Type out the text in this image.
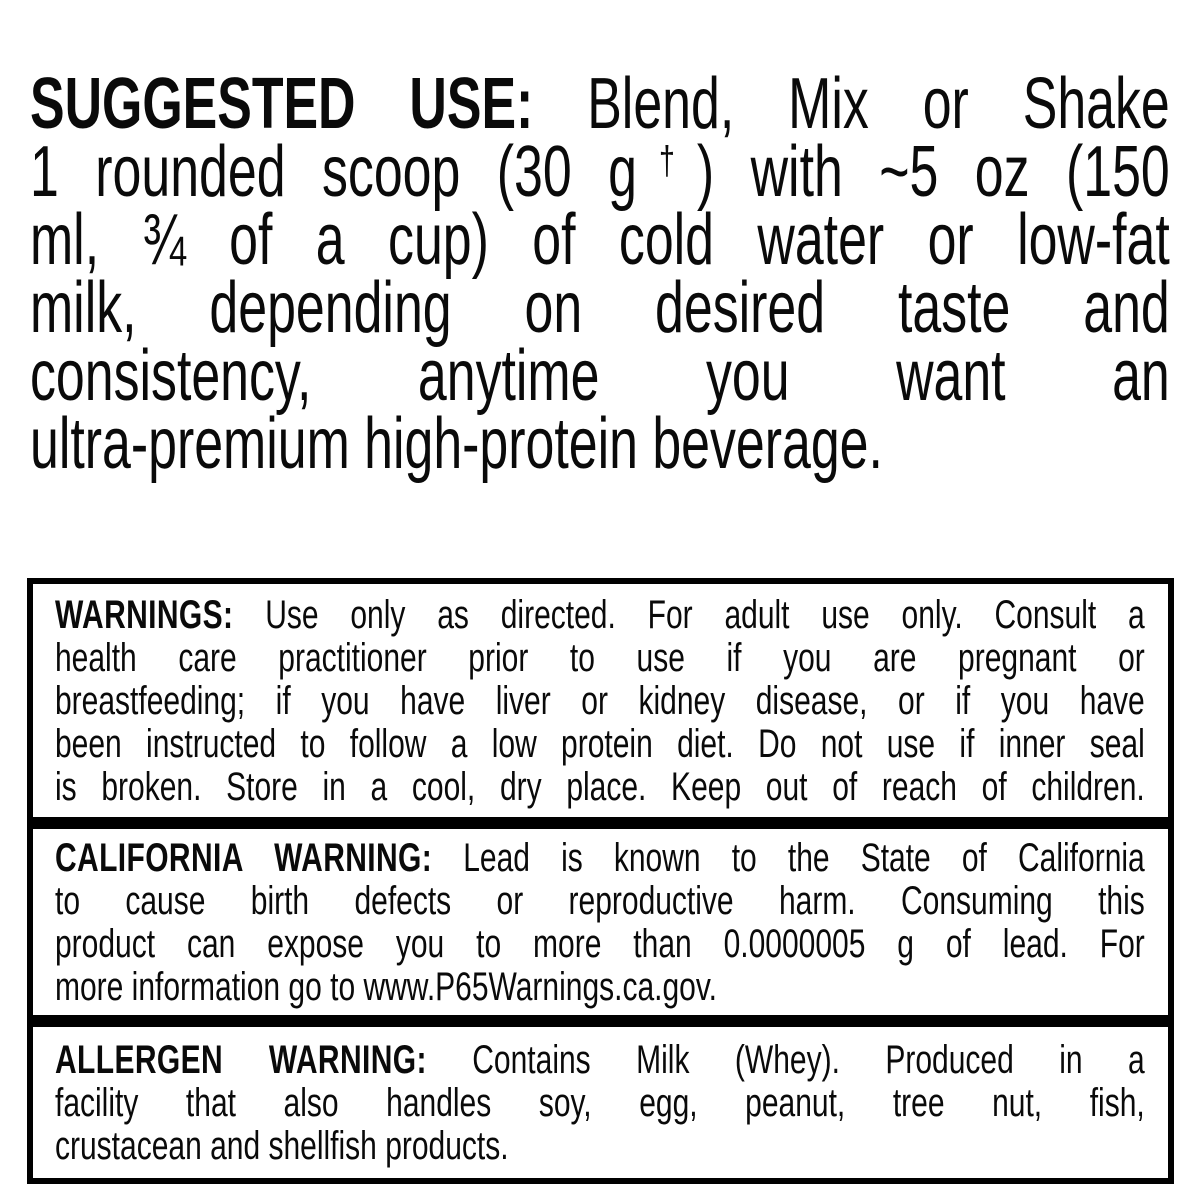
SUGGESTED USE: Blend, Mix or Shake
1 rounded scoop (30 g†) with ~5 oz (150
ml, ¾ of a cup) of cold water or low-fat
milk, depending on desired taste and
consistency, anytime you want an
ultra-premium high-protein beverage.
WARNINGS: Use only as directed. For adult use only. Consult a
health care practitioner prior to use if you are pregnant or
breastfeeding; if you have liver or kidney disease, or if you have
been instructed to follow a low protein diet. Do not use if inner seal
is broken. Store in a cool, dry place. Keep out of reach of children.
CALIFORNIA WARNING: Lead is known to the State of California
to cause birth defects or reproductive harm. Consuming this
product can expose you to more than 0.0000005 g of lead. For
more information go to www.P65Warnings.ca.gov.
ALLERGEN WARNING: Contains Milk (Whey). Produced in a
facility that also handles soy, egg, peanut, tree nut, fish,
crustacean and shellfish products.
